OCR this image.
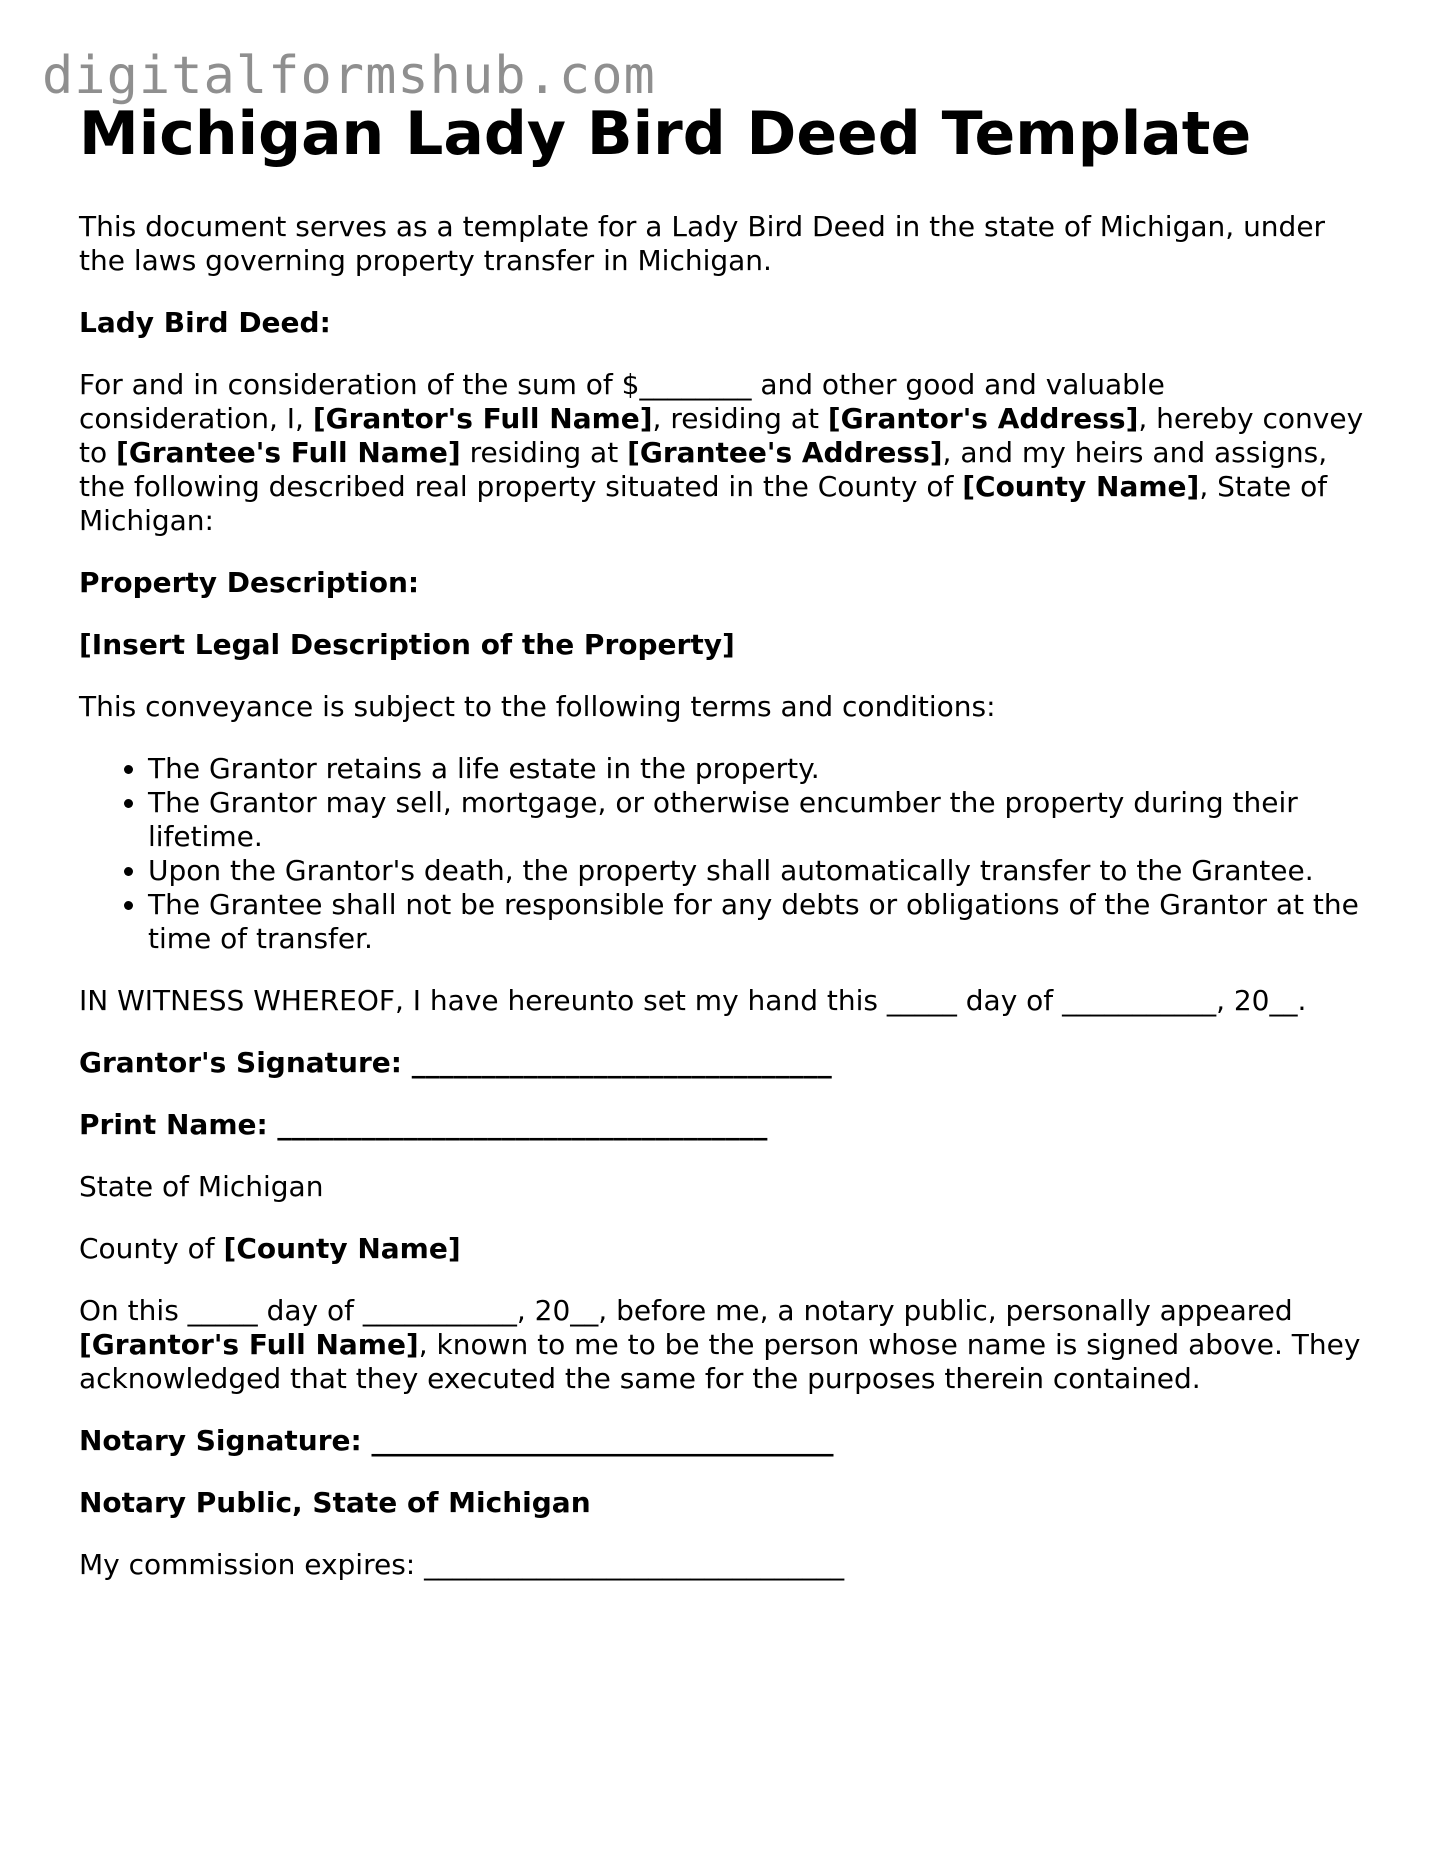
digitalformshub.com
Michigan Lady Bird Deed Template

This document serves as a template for a Lady Bird Deed in the state of Michigan, under the laws governing property transfer in Michigan.

Lady Bird Deed:

For and in consideration of the sum of $________ and other good and valuable consideration, I, [Grantor's Full Name], residing at [Grantor's Address], hereby convey to [Grantee's Full Name] residing at [Grantee's Address], and my heirs and assigns, the following described real property situated in the County of [County Name], State of Michigan:

Property Description:

[Insert Legal Description of the Property]

This conveyance is subject to the following terms and conditions:

• The Grantor retains a life estate in the property.
• The Grantor may sell, mortgage, or otherwise encumber the property during their lifetime.
• Upon the Grantor's death, the property shall automatically transfer to the Grantee.
• The Grantee shall not be responsible for any debts or obligations of the Grantor at the time of transfer.

IN WITNESS WHEREOF, I have hereunto set my hand this _____ day of ___________, 20__.

Grantor's Signature: ______________________________

Print Name: ___________________________________

State of Michigan

County of [County Name]

On this _____ day of ___________, 20__, before me, a notary public, personally appeared [Grantor's Full Name], known to me to be the person whose name is signed above. They acknowledged that they executed the same for the purposes therein contained.

Notary Signature: _________________________________

Notary Public, State of Michigan

My commission expires: ______________________________
